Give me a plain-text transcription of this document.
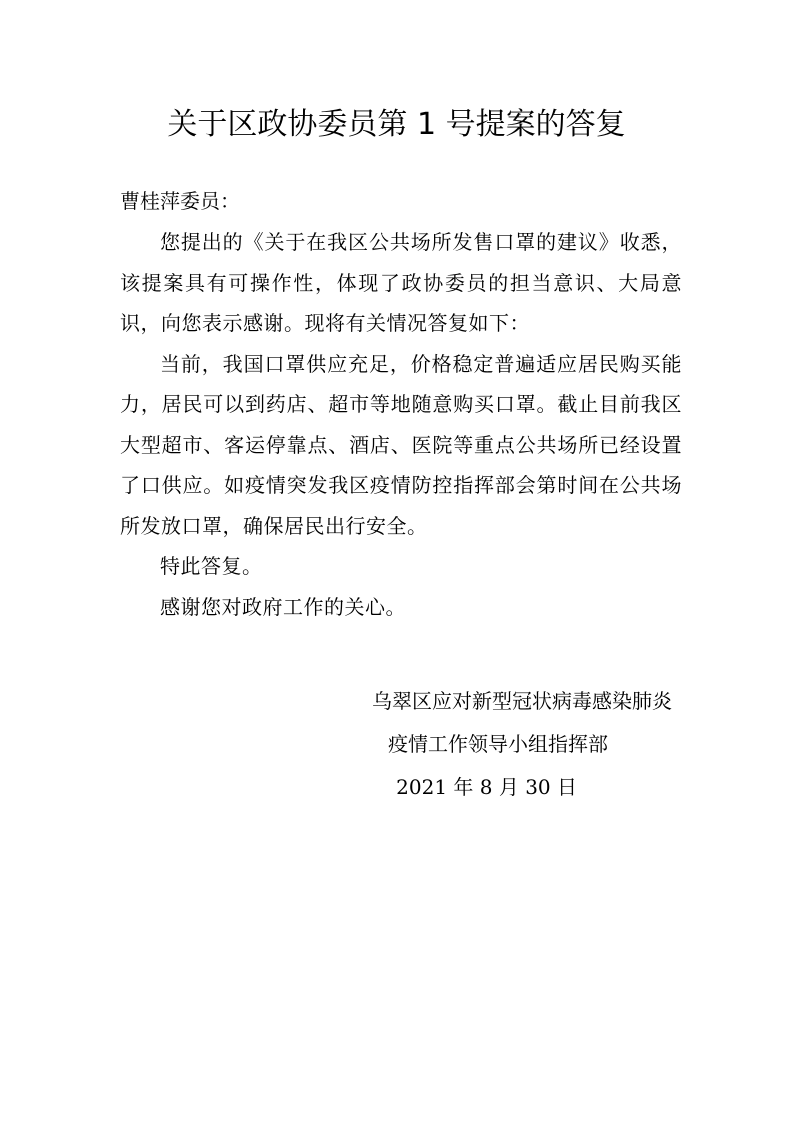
关于区政协委员第 1 号提案的答复

曹桂萍委员：

您提出的《关于在我区公共场所发售口罩的建议》收悉，该提案具有可操作性，体现了政协委员的担当意识、大局意识，向您表示感谢。现将有关情况答复如下：

当前，我国口罩供应充足，价格稳定普遍适应居民购买能力，居民可以到药店、超市等地随意购买口罩。截止目前我区大型超市、客运停靠点、酒店、医院等重点公共场所已经设置了口供应。如疫情突发我区疫情防控指挥部会第时间在公共场所发放口罩，确保居民出行安全。

特此答复。

感谢您对政府工作的关心。

乌翠区应对新型冠状病毒感染肺炎

疫情工作领导小组指挥部

2021 年 8 月 30 日
